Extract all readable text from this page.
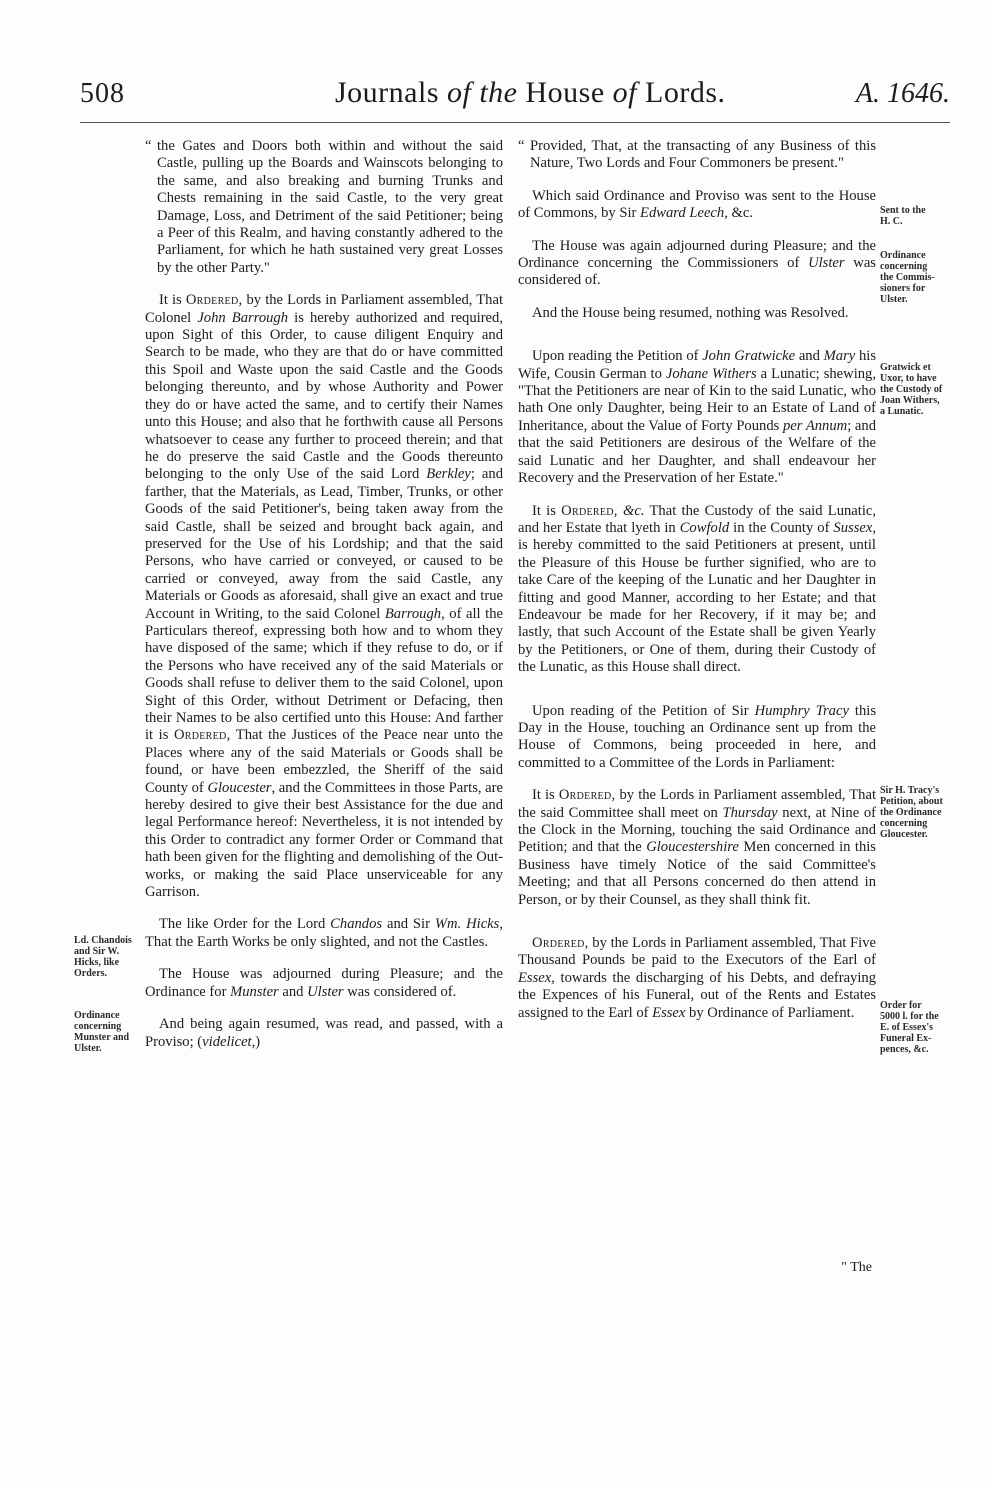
508	Journals of the House of Lords.	A. 1646.

“ the Gates and Doors both within and without the said Castle, pulling up the Boards and Wainscots belonging to the same, and also breaking and burning Trunks and Chests remaining in the said Castle, to the very great Damage, Loss, and Detriment of the said Petitioner; being a Peer of this Realm, and having constantly adhered to the Parliament, for which he hath sustained very great Losses by the other Party."

It is Ordered, by the Lords in Parliament assembled, That Colonel John Barrough is hereby authorized and required, upon Sight of this Order, to cause diligent Enquiry and Search to be made, who they are that do or have committed this Spoil and Waste upon the said Castle and the Goods belonging thereunto, and by whose Authority and Power they do or have acted the same, and to certify their Names unto this House; and also that he forthwith cause all Persons whatsoever to cease any further to proceed therein; and that he do preserve the said Castle and the Goods thereunto belonging to the only Use of the said Lord Berkley; and farther, that the Materials, as Lead, Timber, Trunks, or other Goods of the said Petitioner's, being taken away from the said Castle, shall be seized and brought back again, and preserved for the Use of his Lordship; and that the said Persons, who have carried or conveyed, or caused to be carried or conveyed, away from the said Castle, any Materials or Goods as aforesaid, shall give an exact and true Account in Writing, to the said Colonel Barrough, of all the Particulars thereof, expressing both how and to whom they have disposed of the same; which if they refuse to do, or if the Persons who have received any of the said Materials or Goods shall refuse to deliver them to the said Colonel, upon Sight of this Order, without Detriment or Defacing, then their Names to be also certified unto this House: And farther it is Ordered, That the Justices of the Peace near unto the Places where any of the said Materials or Goods shall be found, or have been embezzled, the Sheriff of the said County of Gloucester, and the Committees in those Parts, are hereby desired to give their best Assistance for the due and legal Performance hereof: Nevertheless, it is not intended by this Order to contradict any former Order or Command that hath been given for the flighting and demolishing of the Out-works, or making the said Place unserviceable for any Garrison.

The like Order for the Lord Chandos and Sir Wm. Hicks, That the Earth Works be only slighted, and not the Castles.

The House was adjourned during Pleasure; and the Ordinance for Munster and Ulster was considered of.

And being again resumed, was read, and passed, with a Proviso; (videlicet,)

“ Provided, That, at the transacting of any Business of this Nature, Two Lords and Four Commoners be present."

Which said Ordinance and Proviso was sent to the House of Commons, by Sir Edward Leech, &c.

The House was again adjourned during Pleasure; and the Ordinance concerning the Commissioners of Ulster was considered of.

And the House being resumed, nothing was Resolved.

Upon reading the Petition of John Gratwicke and Mary his Wife, Cousin German to Johane Withers a Lunatic; shewing, "That the Petitioners are near of Kin to the said Lunatic, who hath One only Daughter, being Heir to an Estate of Land of Inheritance, about the Value of Forty Pounds per Annum; and that the said Petitioners are desirous of the Welfare of the said Lunatic and her Daughter, and shall endeavour her Recovery and the Preservation of her Estate."

It is Ordered, &c. That the Custody of the said Lunatic, and her Estate that lyeth in Cowfold in the County of Sussex, is hereby committed to the said Petitioners at present, until the Pleasure of this House be further signified, who are to take Care of the keeping of the Lunatic and her Daughter in fitting and good Manner, according to her Estate; and that Endeavour be made for her Recovery, if it may be; and lastly, that such Account of the Estate shall be given Yearly by the Petitioners, or One of them, during their Custody of the Lunatic, as this House shall direct.

Upon reading of the Petition of Sir Humphry Tracy this Day in the House, touching an Ordinance sent up from the House of Commons, being proceeded in here, and committed to a Committee of the Lords in Parliament:

It is Ordered, by the Lords in Parliament assembled, That the said Committee shall meet on Thursday next, at Nine of the Clock in the Morning, touching the said Ordinance and Petition; and that the Gloucestershire Men concerned in this Business have timely Notice of the said Committee's Meeting; and that all Persons concerned do then attend in Person, or by their Counsel, as they shall think fit.

Ordered, by the Lords in Parliament assembled, That Five Thousand Pounds be paid to the Executors of the Earl of Essex, towards the discharging of his Debts, and defraying the Expences of his Funeral, out of the Rents and Estates assigned to the Earl of Essex by Ordinance of Parliament.

Ld. Chandois
and Sir W.
Hicks, like
Orders.
Ordinance
concerning
Munster and
Ulster.
Sent to the
H. C.
Ordinance
concerning
the Commis-
sioners for
Ulster.
Gratwick et
Uxor, to have
the Custody of
Joan Withers,
a Lunatic.
Sir H. Tracy's
Petition, about
the Ordinance
concerning
Gloucester.
Order for
5000 l. for the
E. of Essex's
Funeral Ex-
pences, &c.
" The
